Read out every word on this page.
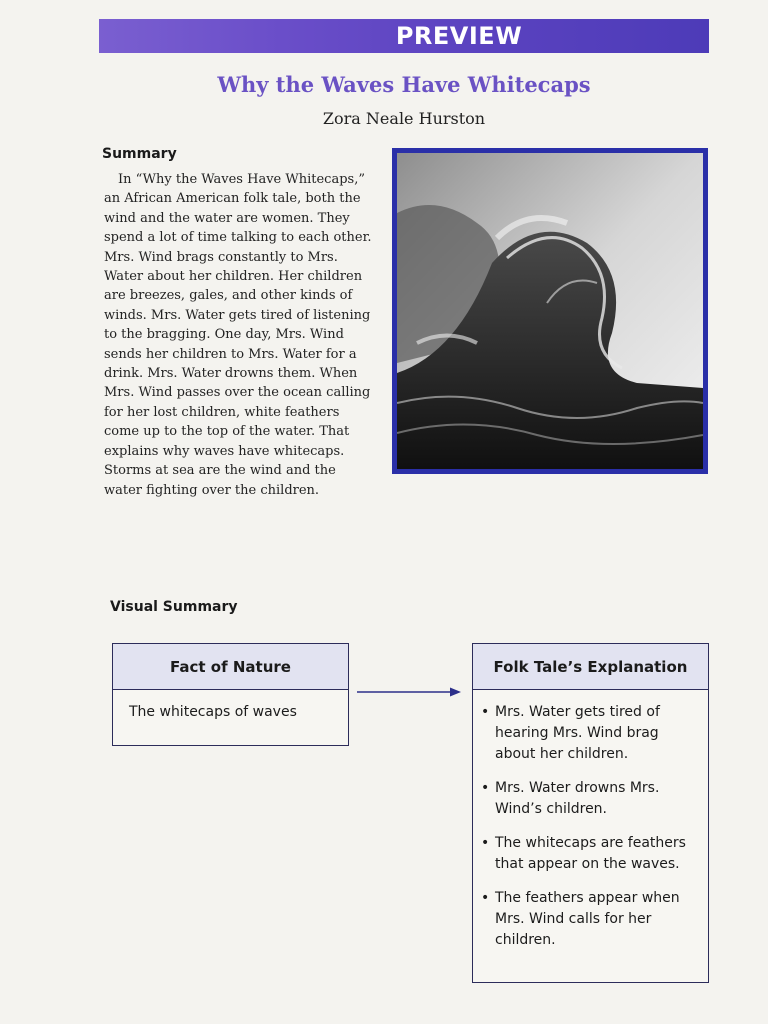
PREVIEW
Why the Waves Have Whitecaps
Zora Neale Hurston
Summary

In “Why the Waves Have Whitecaps,” an African American folk tale, both the wind and the water are women. They spend a lot of time talking to each other. Mrs. Wind brags constantly to Mrs. Water about her children. Her children are breezes, gales, and other kinds of winds. Mrs. Water gets tired of listening to the bragging. One day, Mrs. Wind sends her children to Mrs. Water for a drink. Mrs. Water drowns them. When Mrs. Wind passes over the ocean calling for her lost children, white feathers come up to the top of the water. That explains why waves have whitecaps. Storms at sea are the wind and the water fighting over the children.

Visual Summary
Fact of Nature
The whitecaps of waves
Folk Tale’s Explanation
• Mrs. Water gets tired of hearing Mrs. Wind brag about her children.
• Mrs. Water drowns Mrs. Wind’s children.
• The whitecaps are feathers that appear on the waves.
• The feathers appear when Mrs. Wind calls for her children.
